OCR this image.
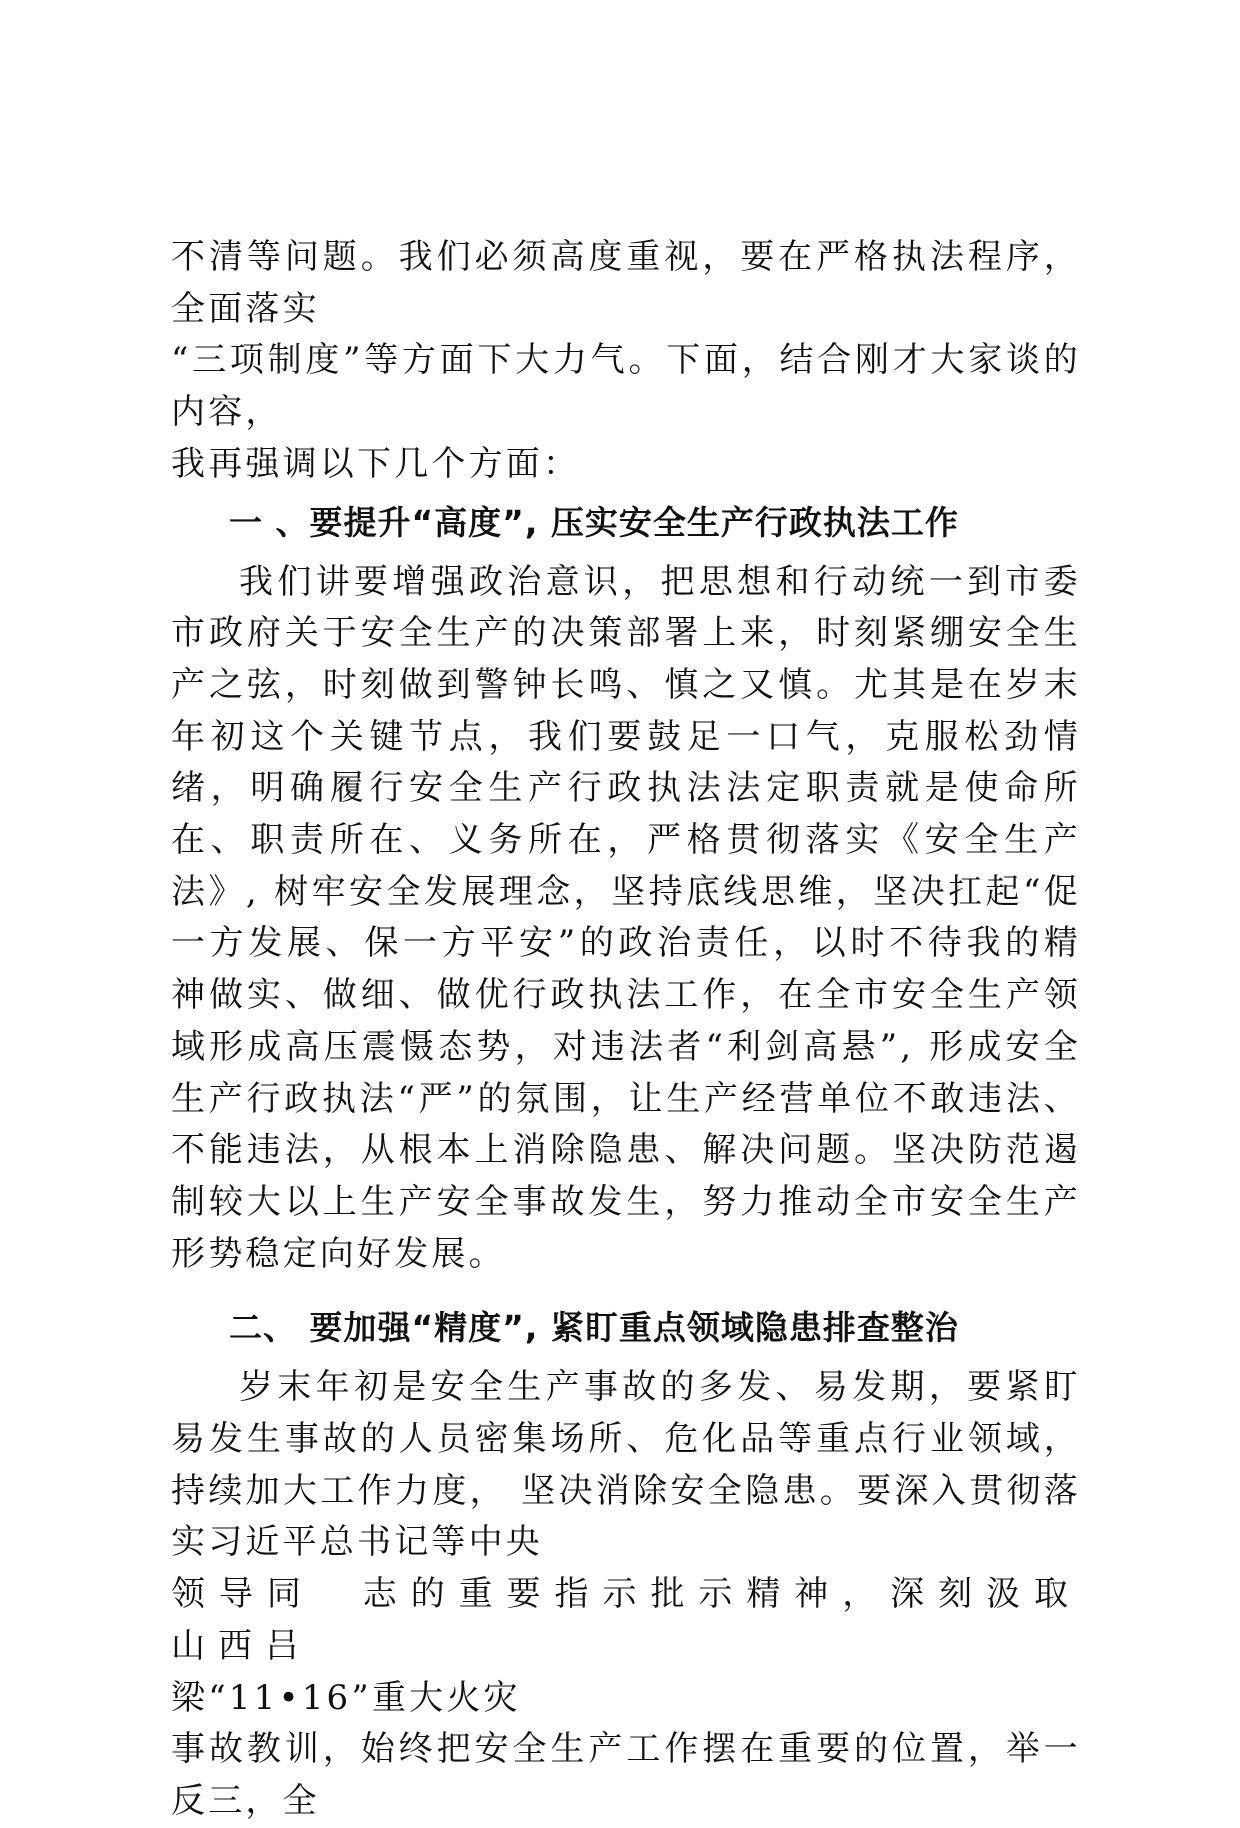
不清等问题。我们必须高度重视，要在严格执法程序，全面落实
“三项制度”等方面下大力气。下面，结合刚才大家谈的内容，
我再强调以下几个方面：

一 、要提升“高度”, 压实安全生产行政执法工作

我们讲要增强政治意识，把思想和行动统一到市委市政府关于安全生产的决策部署上来，时刻紧绷安全生产之弦，时刻做到警钟长鸣、慎之又慎。尤其是在岁末年初这个关键节点，我们要鼓足一口气，克服松劲情绪，明确履行安全生产行政执法法定职责就是使命所在、职责所在、义务所在，严格贯彻落实《安全生产法》, 树牢安全发展理念，坚持底线思维，坚决扛起“促一方发展、保一方平安”的政治责任，以时不待我的精神做实、做细、做优行政执法工作，在全市安全生产领域形成高压震慑态势，对违法者“利剑高悬”, 形成安全生产行政执法“严”的氛围，让生产经营单位不敢违法、不能违法，从根本上消除隐患、解决问题。坚决防范遏制较大以上生产安全事故发生，努力推动全市安全生产形势稳定向好发展。

二、 要加强“精度”, 紧盯重点领域隐患排查整治

岁末年初是安全生产事故的多发、易发期，要紧盯易发生事故的人员密集场所、危化品等重点行业领域，持续加大工作力度， 坚决消除安全隐患。要深入贯彻落实习近平总书记等中央

领导同　志的重要指示批示精神，深刻汲取山西吕

梁“11•16”重大火灾

事故教训，始终把安全生产工作摆在重要的位置，举一反三，全
